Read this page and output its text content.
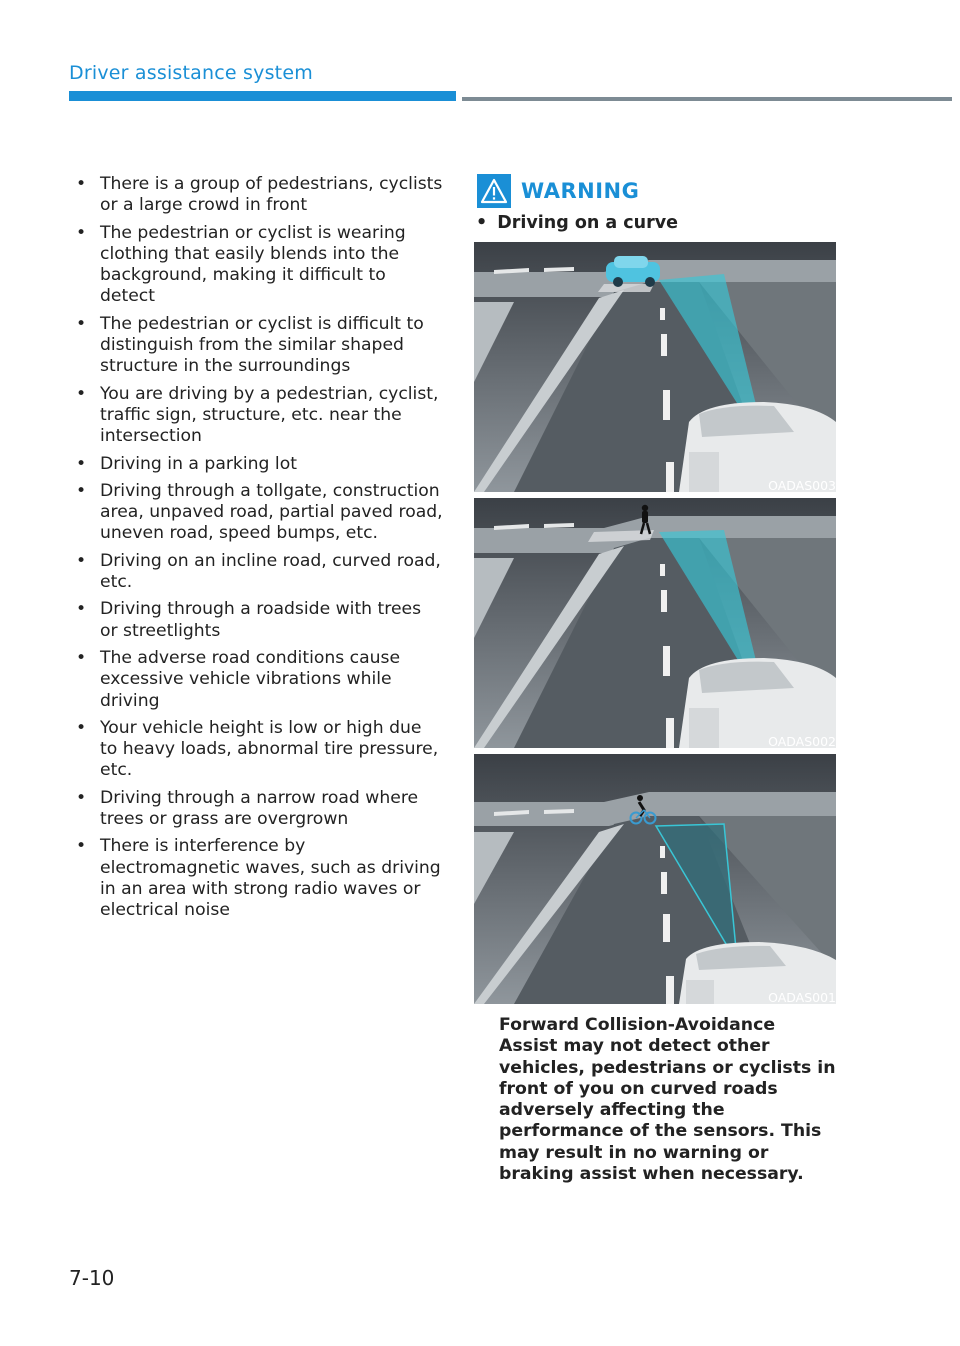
Driver assistance system
• There is a group of pedestrians, cyclists or a large crowd in front
• The pedestrian or cyclist is wearing clothing that easily blends into the background, making it difficult to detect
• The pedestrian or cyclist is difficult to distinguish from the similar shaped structure in the surroundings
• You are driving by a pedestrian, cyclist, traffic sign, structure, etc. near the intersection
• Driving in a parking lot
• Driving through a tollgate, construction area, unpaved road, partial paved road, uneven road, speed bumps, etc.
• Driving on an incline road, curved road, etc.
• Driving through a roadside with trees or streetlights
• The adverse road conditions cause excessive vehicle vibrations while driving
• Your vehicle height is low or high due to heavy loads, abnormal tire pressure, etc.
• Driving through a narrow road where trees or grass are overgrown
• There is interference by electromagnetic waves, such as driving in an area with strong radio waves or electrical noise
WARNING
• Driving on a curve
OADAS003
OADAS002
OADAS001
Forward Collision-Avoidance Assist may not detect other vehicles, pedestrians or cyclists in front of you on curved roads adversely affecting the performance of the sensors. This may result in no warning or braking assist when necessary.
7-10
